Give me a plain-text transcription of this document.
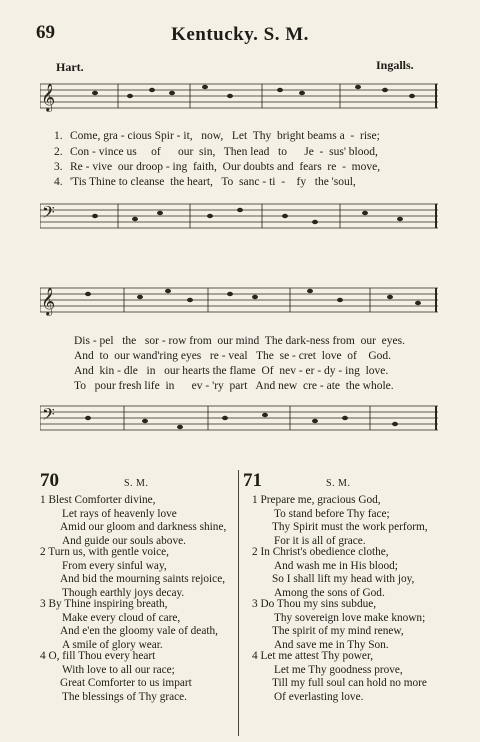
69	Kentucky. S. M.
Hart.	Ingalls.
𝄞
1. Come, gra - cious Spir - it,   now,   Let  Thy  bright beams a  -  rise;
2. Con - vince us     of      our  sin,   Then lead   to      Je  -  sus' blood,
3. Re - vive  our droop - ing  faith,  Our doubts and  fears  re  -  move,
4. 'Tis Thine to cleanse  the heart,   To  sanc - ti  -    fy   the 'soul,
𝄢
𝄞
Dis - pel   the   sor - row from  our mind  The dark-ness from  our  eyes.
And  to  our wand'ring eyes   re - veal   The  se - cret  love  of    God.
And  kin - dle   in   our hearts the flame  Of  nev - er - dy - ing  love.
To   pour fresh life  in      ev - 'ry  part   And new  cre - ate  the whole.
𝄢
70	S. M.
1 Blest Comforter divine,
Let rays of heavenly love
Amid our gloom and darkness shine,
And guide our souls above.
2 Turn us, with gentle voice,
From every sinful way,
And bid the mourning saints rejoice,
Though earthly joys decay.
3 By Thine inspiring breath,
Make every cloud of care,
And e'en the gloomy vale of death,
A smile of glory wear.
4 O, fill Thou every heart
With love to all our race;
Great Comforter to us impart
The blessings of Thy grace.
71	S. M.
1 Prepare me, gracious God,
To stand before Thy face;
Thy Spirit must the work perform,
For it is all of grace.
2 In Christ's obedience clothe,
And wash me in His blood;
So I shall lift my head with joy,
Among the sons of God.
3 Do Thou my sins subdue,
Thy sovereign love make known;
The spirit of my mind renew,
And save me in Thy Son.
4 Let me attest Thy power,
Let me Thy goodness prove,
Till my full soul can hold no more
Of everlasting love.
